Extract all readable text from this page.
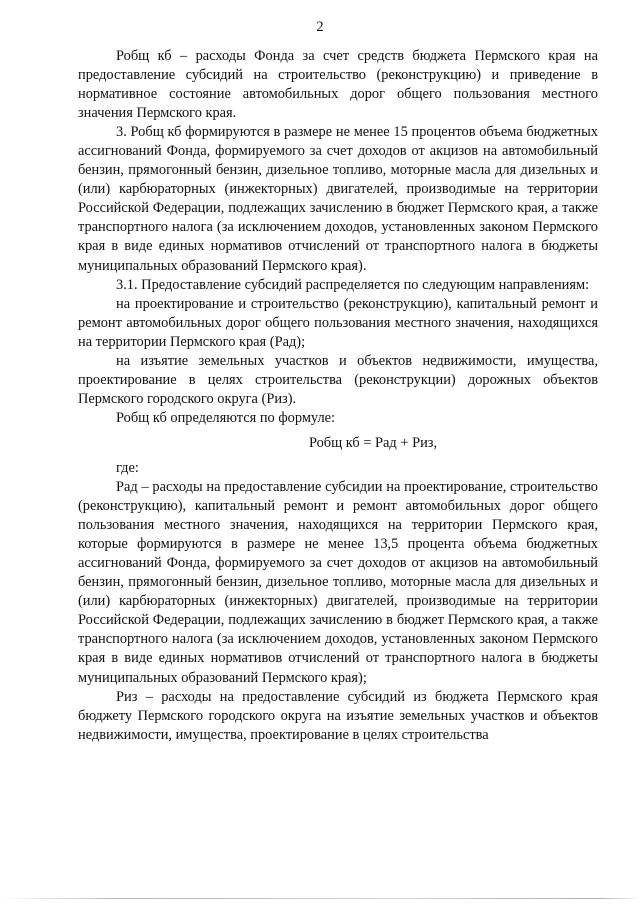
2

Робщ кб – расходы Фонда за счет средств бюджета Пермского края на предоставление субсидий на строительство (реконструкцию) и приведение в нормативное состояние автомобильных дорог общего пользования местного значения Пермского края.

3. Робщ кб формируются в размере не менее 15 процентов объема бюджетных ассигнований Фонда, формируемого за счет доходов от акцизов на автомобильный бензин, прямогонный бензин, дизельное топливо, моторные масла для дизельных и (или) карбюраторных (инжекторных) двигателей, производимые на территории Российской Федерации, подлежащих зачислению в бюджет Пермского края, а также транспортного налога (за исключением доходов, установленных законом Пермского края в виде единых нормативов отчислений от транспортного налога в бюджеты муниципальных образований Пермского края).

3.1. Предоставление субсидий распределяется по следующим направлениям:

на проектирование и строительство (реконструкцию), капитальный ремонт и ремонт автомобильных дорог общего пользования местного значения, находящихся на территории Пермского края (Рад);

на изъятие земельных участков и объектов недвижимости, имущества, проектирование в целях строительства (реконструкции) дорожных объектов Пермского городского округа (Риз).

Робщ кб определяются по формуле:

Робщ кб = Рад + Риз,

где:

Рад – расходы на предоставление субсидии на проектирование, строительство (реконструкцию), капитальный ремонт и ремонт автомобильных дорог общего пользования местного значения, находящихся на территории Пермского края, которые формируются в размере не менее 13,5 процента объема бюджетных ассигнований Фонда, формируемого за счет доходов от акцизов на автомобильный бензин, прямогонный бензин, дизельное топливо, моторные масла для дизельных и (или) карбюраторных (инжекторных) двигателей, производимые на территории Российской Федерации, подлежащих зачислению в бюджет Пермского края, а также транспортного налога (за исключением доходов, установленных законом Пермского края в виде единых нормативов отчислений от транспортного налога в бюджеты муниципальных образований Пермского края);

Риз – расходы на предоставление субсидий из бюджета Пермского края бюджету Пермского городского округа на изъятие земельных участков и объектов недвижимости, имущества, проектирование в целях строительства
